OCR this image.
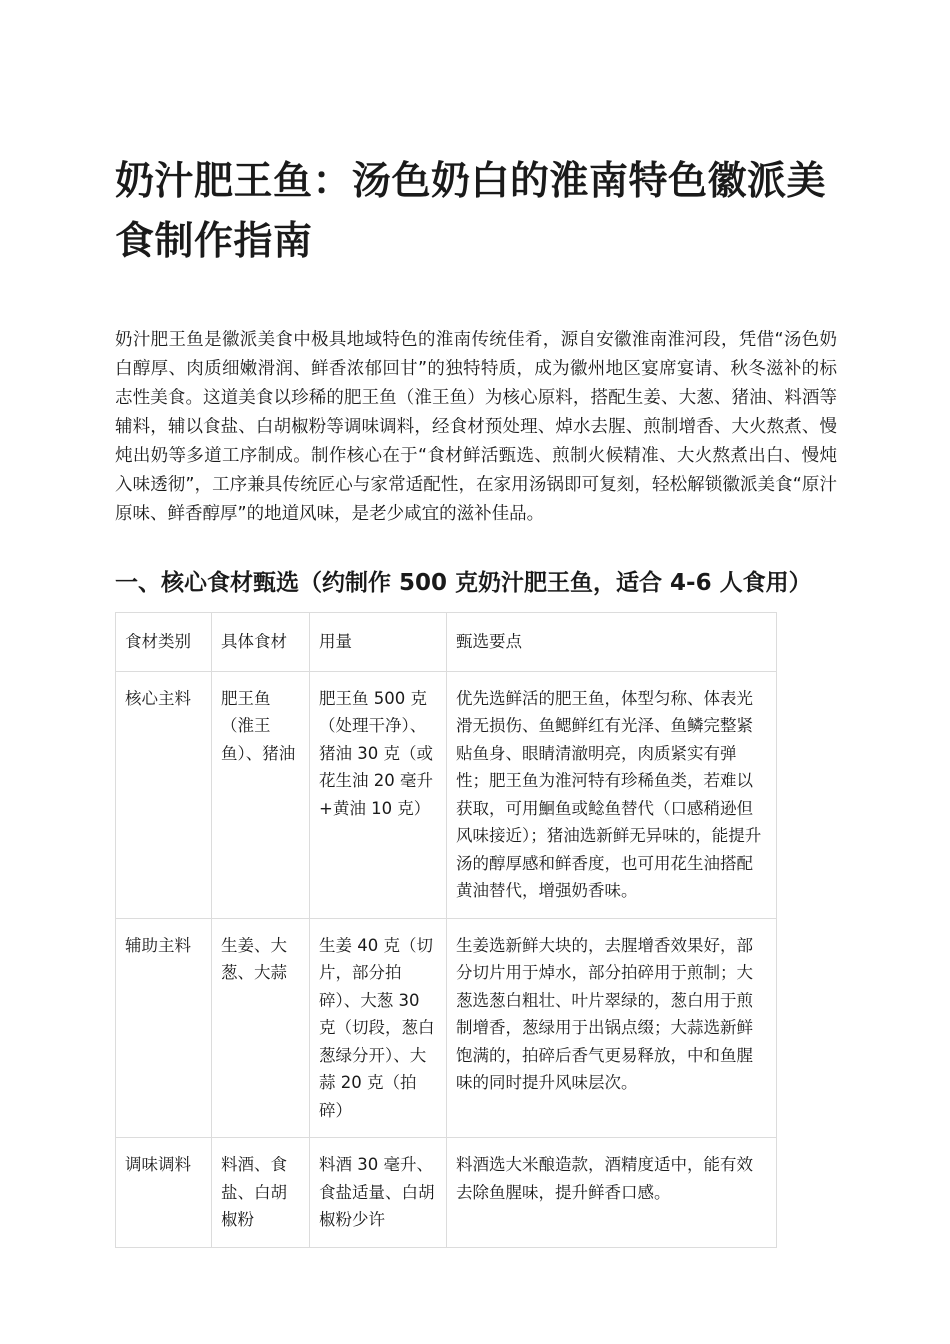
奶汁肥王鱼：汤色奶白的淮南特色徽派美食制作指南

奶汁肥王鱼是徽派美食中极具地域特色的淮南传统佳肴，源自安徽淮南淮河段，凭借“汤色奶白醇厚、肉质细嫩滑润、鲜香浓郁回甘”的独特特质，成为徽州地区宴席宴请、秋冬滋补的标志性美食。这道美食以珍稀的肥王鱼（淮王鱼）为核心原料，搭配生姜、大葱、猪油、料酒等辅料，辅以食盐、白胡椒粉等调味调料，经食材预处理、焯水去腥、煎制增香、大火熬煮、慢炖出奶等多道工序制成。制作核心在于“食材鲜活甄选、煎制火候精准、大火熬煮出白、慢炖入味透彻”，工序兼具传统匠心与家常适配性，在家用汤锅即可复刻，轻松解锁徽派美食“原汁原味、鲜香醇厚”的地道风味，是老少咸宜的滋补佳品。

一、核心食材甄选（约制作 500 克奶汁肥王鱼，适合 4-6 人食用）
食材类别	具体食材	用量	甄选要点
核心主料	肥王鱼（淮王鱼）、猪油	肥王鱼 500 克（处理干净）、猪油 30 克（或花生油 20 毫升+黄油 10 克）	优先选鲜活的肥王鱼，体型匀称、体表光滑无损伤、鱼鳃鲜红有光泽、鱼鳞完整紧贴鱼身、眼睛清澈明亮，肉质紧实有弹性；肥王鱼为淮河特有珍稀鱼类，若难以获取，可用鮰鱼或鲶鱼替代（口感稍逊但风味接近）；猪油选新鲜无异味的，能提升汤的醇厚感和鲜香度，也可用花生油搭配黄油替代，增强奶香味。
辅助主料	生姜、大葱、大蒜	生姜 40 克（切片，部分拍碎）、大葱 30 克（切段，葱白葱绿分开）、大蒜 20 克（拍碎）	生姜选新鲜大块的，去腥增香效果好，部分切片用于焯水，部分拍碎用于煎制；大葱选葱白粗壮、叶片翠绿的，葱白用于煎制增香，葱绿用于出锅点缀；大蒜选新鲜饱满的，拍碎后香气更易释放，中和鱼腥味的同时提升风味层次。
调味调料	料酒、食盐、白胡椒粉	料酒 30 毫升、食盐适量、白胡椒粉少许	料酒选大米酿造款，酒精度适中，能有效去除鱼腥味，提升鲜香口感。
